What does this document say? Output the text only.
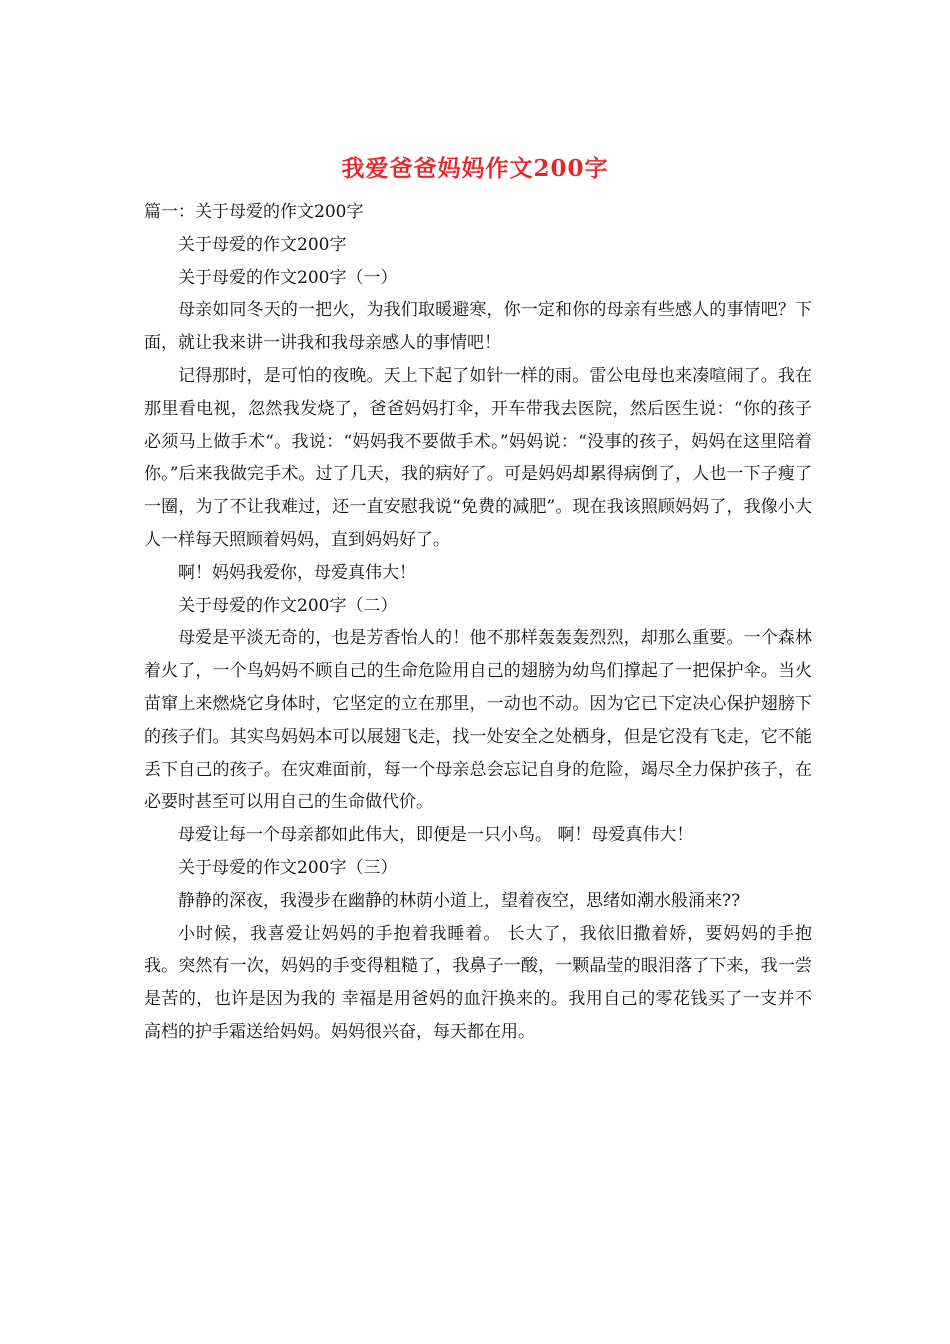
我爱爸爸妈妈作文200字

篇一：关于母爱的作文200字

关于母爱的作文200字

关于母爱的作文200字（一）

母亲如同冬天的一把火，为我们取暖避寒，你一定和你的母亲有些感人的事情吧？下面，就让我来讲一讲我和我母亲感人的事情吧！

记得那时，是可怕的夜晚。天上下起了如针一样的雨。雷公电母也来凑喧闹了。我在那里看电视，忽然我发烧了，爸爸妈妈打伞，开车带我去医院，然后医生说：“你的孩子必须马上做手术“。我说：“妈妈我不要做手术。”妈妈说：“没事的孩子，妈妈在这里陪着你。”后来我做完手术。过了几天，我的病好了。可是妈妈却累得病倒了，人也一下子瘦了一圈，为了不让我难过，还一直安慰我说“免费的减肥”。现在我该照顾妈妈了，我像小大人一样每天照顾着妈妈，直到妈妈好了。

啊！妈妈我爱你，母爱真伟大！

关于母爱的作文200字（二）

母爱是平淡无奇的，也是芳香怡人的！他不那样轰轰轰烈烈，却那么重要。一个森林着火了，一个鸟妈妈不顾自己的生命危险用自己的翅膀为幼鸟们撑起了一把保护伞。当火苗窜上来燃烧它身体时，它坚定的立在那里，一动也不动。因为它已下定决心保护翅膀下的孩子们。其实鸟妈妈本可以展翅飞走，找一处安全之处栖身，但是它没有飞走，它不能丢下自己的孩子。在灾难面前，每一个母亲总会忘记自身的危险，竭尽全力保护孩子，在必要时甚至可以用自己的生命做代价。

母爱让每一个母亲都如此伟大，即便是一只小鸟。 啊！母爱真伟大！

关于母爱的作文200字（三）

静静的深夜，我漫步在幽静的林荫小道上，望着夜空，思绪如潮水般涌来??

小时候，我喜爱让妈妈的手抱着我睡着。 长大了，我依旧撒着娇，要妈妈的手抱我。突然有一次，妈妈的手变得粗糙了，我鼻子一酸，一颗晶莹的眼泪落了下来，我一尝是苦的，也许是因为我的 幸福是用爸妈的血汗换来的。我用自己的零花钱买了一支并不高档的护手霜送给妈妈。妈妈很兴奋，每天都在用。
